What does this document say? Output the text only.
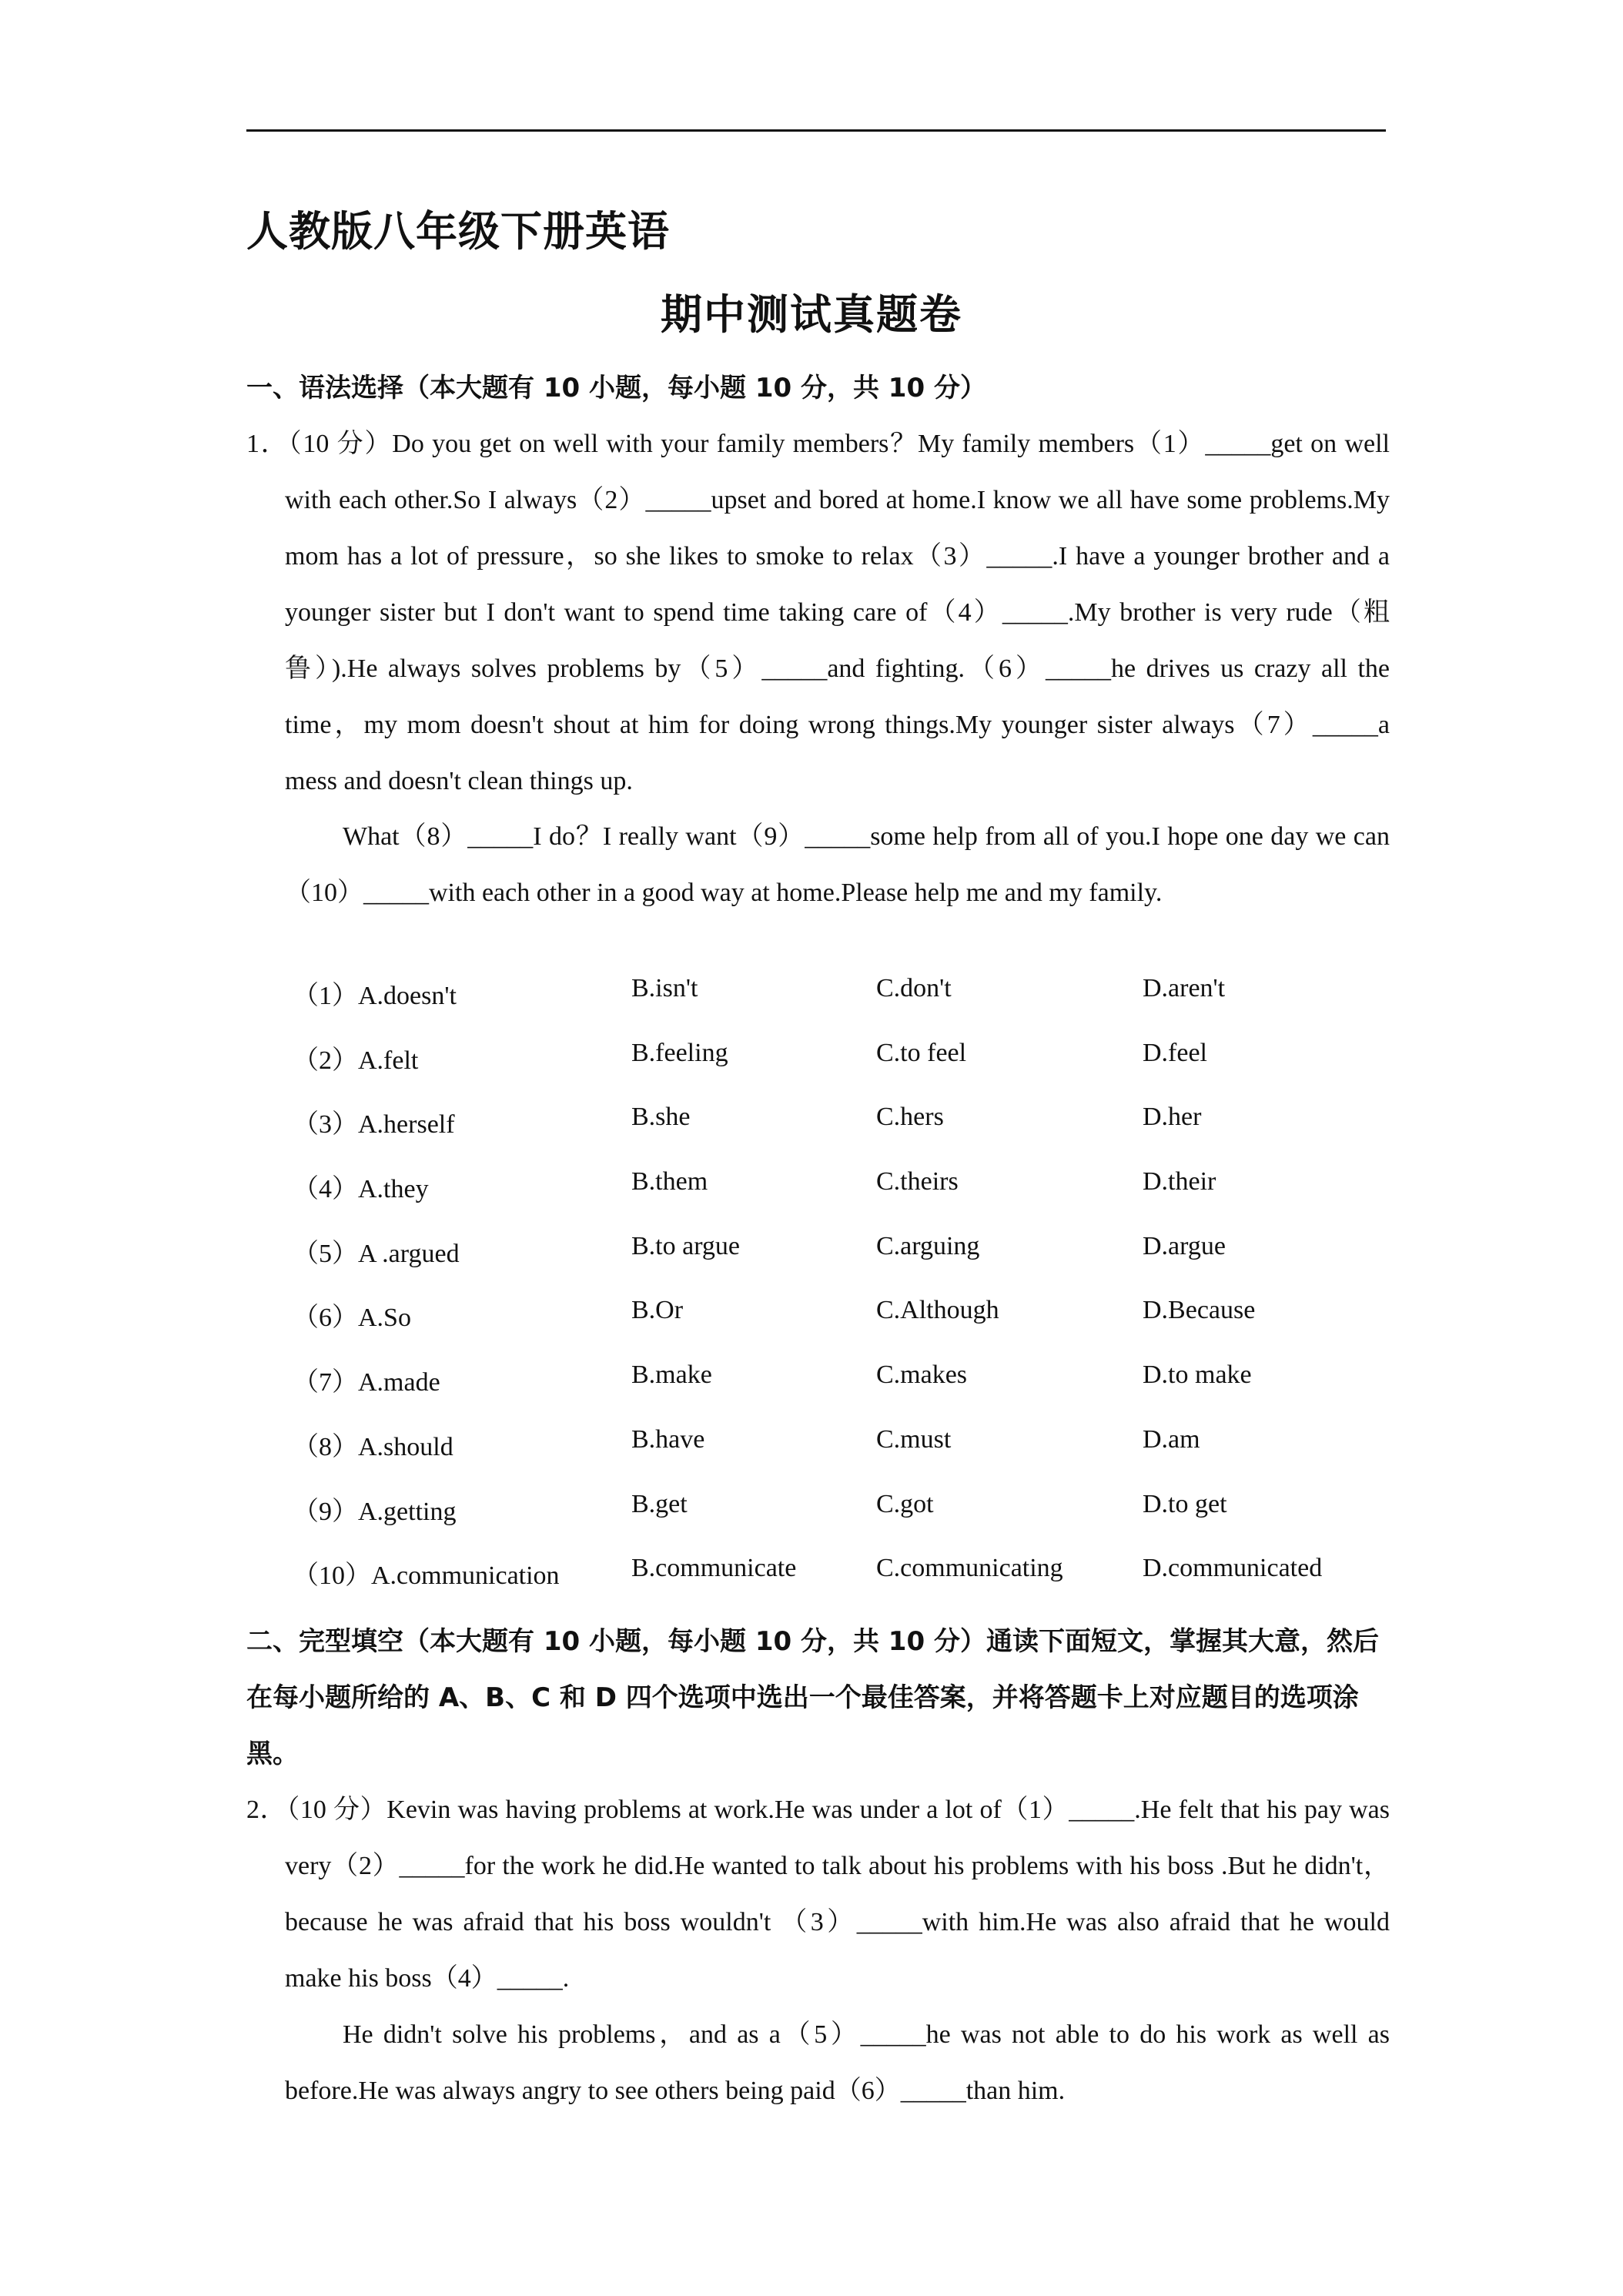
人教版八年级下册英语
期中测试真题卷
一、语法选择（本大题有 10 小题，每小题 10 分，共 10 分）
1．（10 分）Do you get on well with your family members？My family members（1）_____get on well with each other.So I always（2）_____upset and bored at home.I know we all have some problems.My mom has a lot of pressure，so she likes to smoke to relax（3）_____.I have a younger brother and a younger sister but I don't want to spend time taking care of（4）_____.My brother is very rude（粗鲁）).He always solves problems by（5）_____and fighting.（6）_____he drives us crazy all the time，my mom doesn't shout at him for doing wrong things.My younger sister always（7）_____a mess and doesn't clean things up.
What（8）_____I do？I really want（9）_____some help from all of you.I hope one day we can（10）_____with each other in a good way at home.Please help me and my family.
（1）A.doesn't	B.isn't	C.don't	D.aren't
（2）A.felt	B.feeling	C.to feel	D.feel
（3）A.herself	B.she	C.hers	D.her
（4）A.they	B.them	C.theirs	D.their
（5）A .argued	B.to argue	C.arguing	D.argue
（6）A.So	B.Or	C.Although	D.Because
（7）A.made	B.make	C.makes	D.to make
（8）A.should	B.have	C.must	D.am
（9）A.getting	B.get	C.got	D.to get
（10）A.communication	B.communicate	C.communicating	D.communicated
二、完型填空（本大题有 10 小题，每小题 10 分，共 10 分）通读下面短文，掌握其大意，然后在每小题所给的 A、B、C 和 D 四个选项中选出一个最佳答案，并将答题卡上对应题目的选项涂黑。
2．（10 分）Kevin was having problems at work.He was under a lot of（1）_____.He felt that his pay was very（2）_____for the work he did.He wanted to talk about his problems with his boss .But he didn't，because he was afraid that his boss wouldn't （3）_____with him.He was also afraid that he would make his boss（4）_____.
He didn't solve his problems，and as a（5）_____he was not able to do his work as well as before.He was always angry to see others being paid（6）_____than him.
